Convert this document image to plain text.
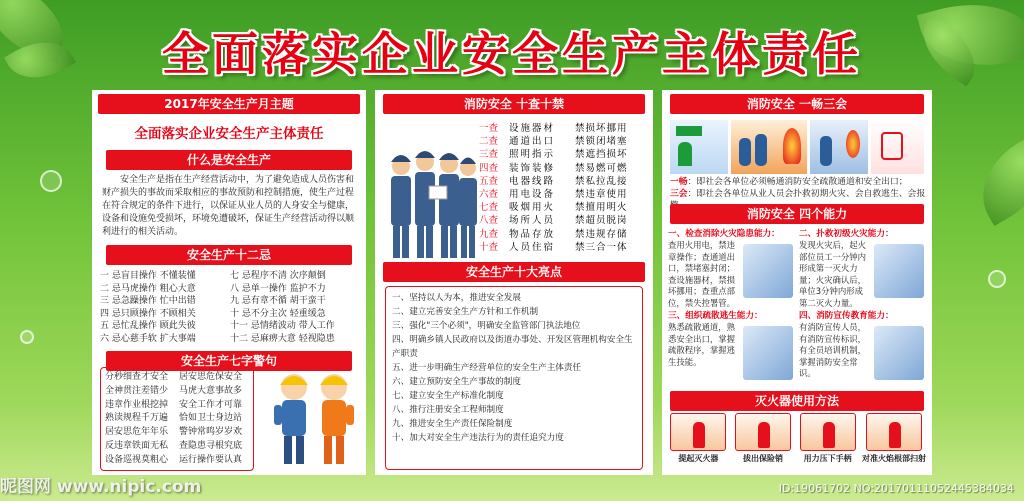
全面落实企业安全生产主体责任
2017年安全生产月主题
全面落实企业安全生产主体责任
什么是安全生产
安全生产是指在生产经营活动中，为了避免造成人员伤害和财产损失的事故而采取相应的事故预防和控制措施，使生产过程在符合规定的条件下进行，以保证从业人员的人身安全与健康，设备和设施免受损坏，环境免遭破坏，保证生产经营活动得以顺利进行的相关活动。
安全生产十二忌
一 忌盲目操作 不懂装懂	七 忌程序不清 次序颠倒
二 忌马虎操作 粗心大意	八 忌单一操作 监护不力
三 忌急躁操作 忙中出错	九 忌有章不循 胡干蛮干
四 忌只顾操作 不顾相关	十 忌不分主次 轻重缓急
五 忌忙乱操作 顾此失彼	十一 忌情绪波动 带人工作
六 忌心慈手软 扩大事端	十二 忌麻痹大意 轻视隐患
安全生产七字警句
分秒细查才安全	居安思危保安全
全神贯注差错少	马虎大意事故多
违章作业根挖掉	安全工作才可靠
熟读规程千万遍	恰如卫士身边站
居安思危年年乐	警钟常鸣岁岁欢
反违章铁面无私	查隐患寻根究底
设备巡视莫粗心	运行操作要认真
消防安全 十查十禁
一查	设施器材	禁损坏挪用
二查	通道出口	禁锁闭堵塞
三查	照明指示	禁遮挡损坏
四查	装饰装修	禁易燃可燃
五查	电器线路	禁私拉乱接
六查	用电设备	禁违章使用
七查	吸烟用火	禁擅用明火
八查	场所人员	禁超员脱岗
九查	物品存放	禁违规存储
十查	人员住宿	禁三合一体
安全生产十大亮点
一、坚持以人为本，推进安全发展
二、建立完善安全生产方针和工作机制
三、强化"三个必须"，明确安全监管部门执法地位
四、明确乡镇人民政府以及街道办事处、开发区管理机构安全生产职责
五、进一步明确生产经营单位的安全生产主体责任
六、建立预防安全生产事故的制度
七、建立安全生产标准化制度
八、推行注册安全工程师制度
九、推进安全生产责任保险制度
十、加大对安全生产违法行为的责任追究力度
消防安全 一畅三会
一畅：即社会各单位必须畅通消防安全疏散通道和安全出口；
三会：即社会各单位从业人员会扑救初期火灾、会自救逃生、会报
消防安全 四个能力
一、检查消除火灾隐患能力：
查用火用电，禁违章操作；查通道出口，禁堵塞封闭；查设施器材，禁损坏挪用；查重点部位，禁失控署管。
二、扑救初级火灾能力：
发现火灾后，起火部位员工一分钟内形成第一灭火力量；火灾确认后，单位3分钟内形成第二灭火力量。
三、组织疏散逃生能力：
熟悉疏散通道，熟悉安全出口，掌握疏散程序，掌握逃生技能。
四、消防宣传教育能力：
有消防宣传人员，有消防宣传标识，有全员培训机制，掌握消防安全常识。
灭火器使用方法
提起灭火器	拔出保险销	用力压下手柄	对准火焰根部扫射
昵图网 www.nipic.com	ID:19061702 NO:20170111052445384034
